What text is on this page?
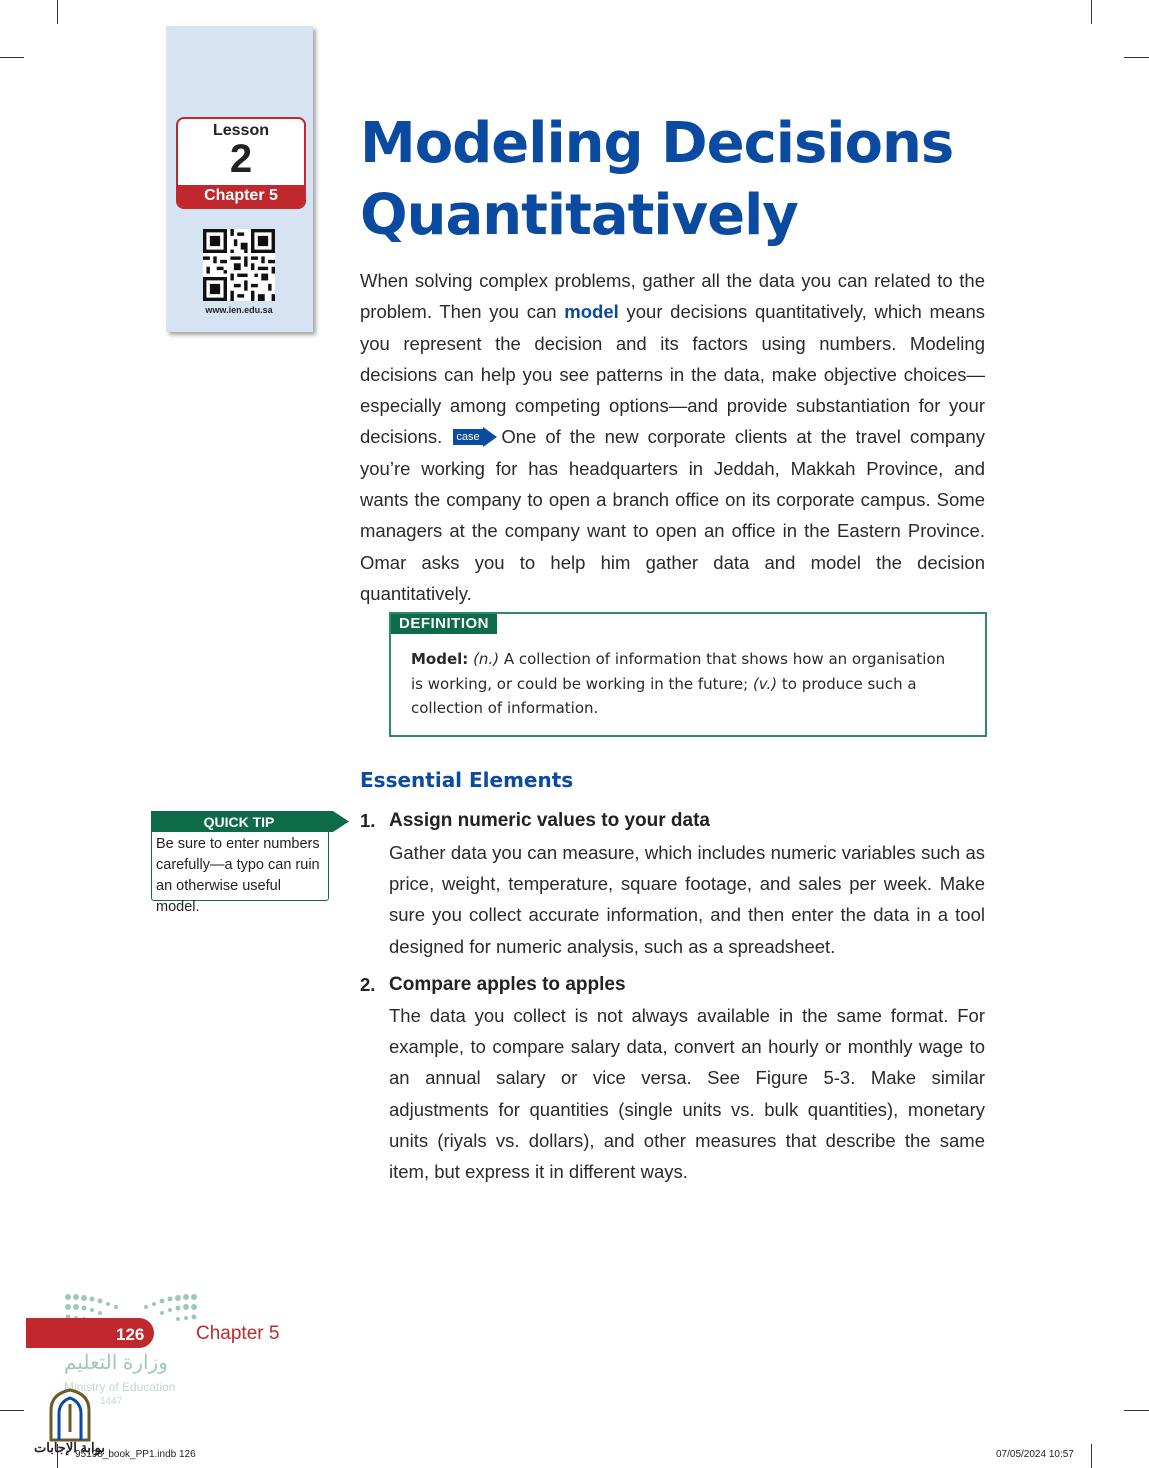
Lesson
2
Chapter 5
www.ien.edu.sa
Modeling Decisions
Quantitatively

When solving complex problems, gather all the data you can related to the problem. Then you can model your decisions quantitatively, which means you represent the decision and its factors using numbers. Modeling decisions can help you see patterns in the data, make objective choices—especially among competing options—and provide substantiation for your decisions. case One of the new corporate clients at the travel company you’re working for has headquarters in Jeddah, Makkah Province, and wants the company to open a branch office on its corporate campus. Some managers at the company want to open an office in the Eastern Province. Omar asks you to help him gather data and model the decision quantitatively.

DEFINITION

Model: (n.) A collection of information that shows how an organisation is working, or could be working in the future; (v.) to produce such a collection of information.

Essential Elements
QUICK TIP

Be sure to enter numbers carefully—a typo can ruin an otherwise useful model.

1. Assign numeric values to your data

Gather data you can measure, which includes numeric variables such as price, weight, temperature, square footage, and sales per week. Make sure you collect accurate information, and then enter the data in a tool designed for numeric analysis, such as a spreadsheet.

2. Compare apples to apples

The data you collect is not always available in the same format. For example, to compare salary data, convert an hourly or monthly wage to an annual salary or vice versa. See Figure 5-3. Make similar adjustments for quantities (single units vs. bulk quantities), monetary units (riyals vs. dollars), and other measures that describe the same item, but express it in different ways.

126	Chapter 5
وزارة التعليم
Ministry of Education
1447
بوابة الإجابات
95198_book_PP1.indb 126	07/05/2024 10:57
